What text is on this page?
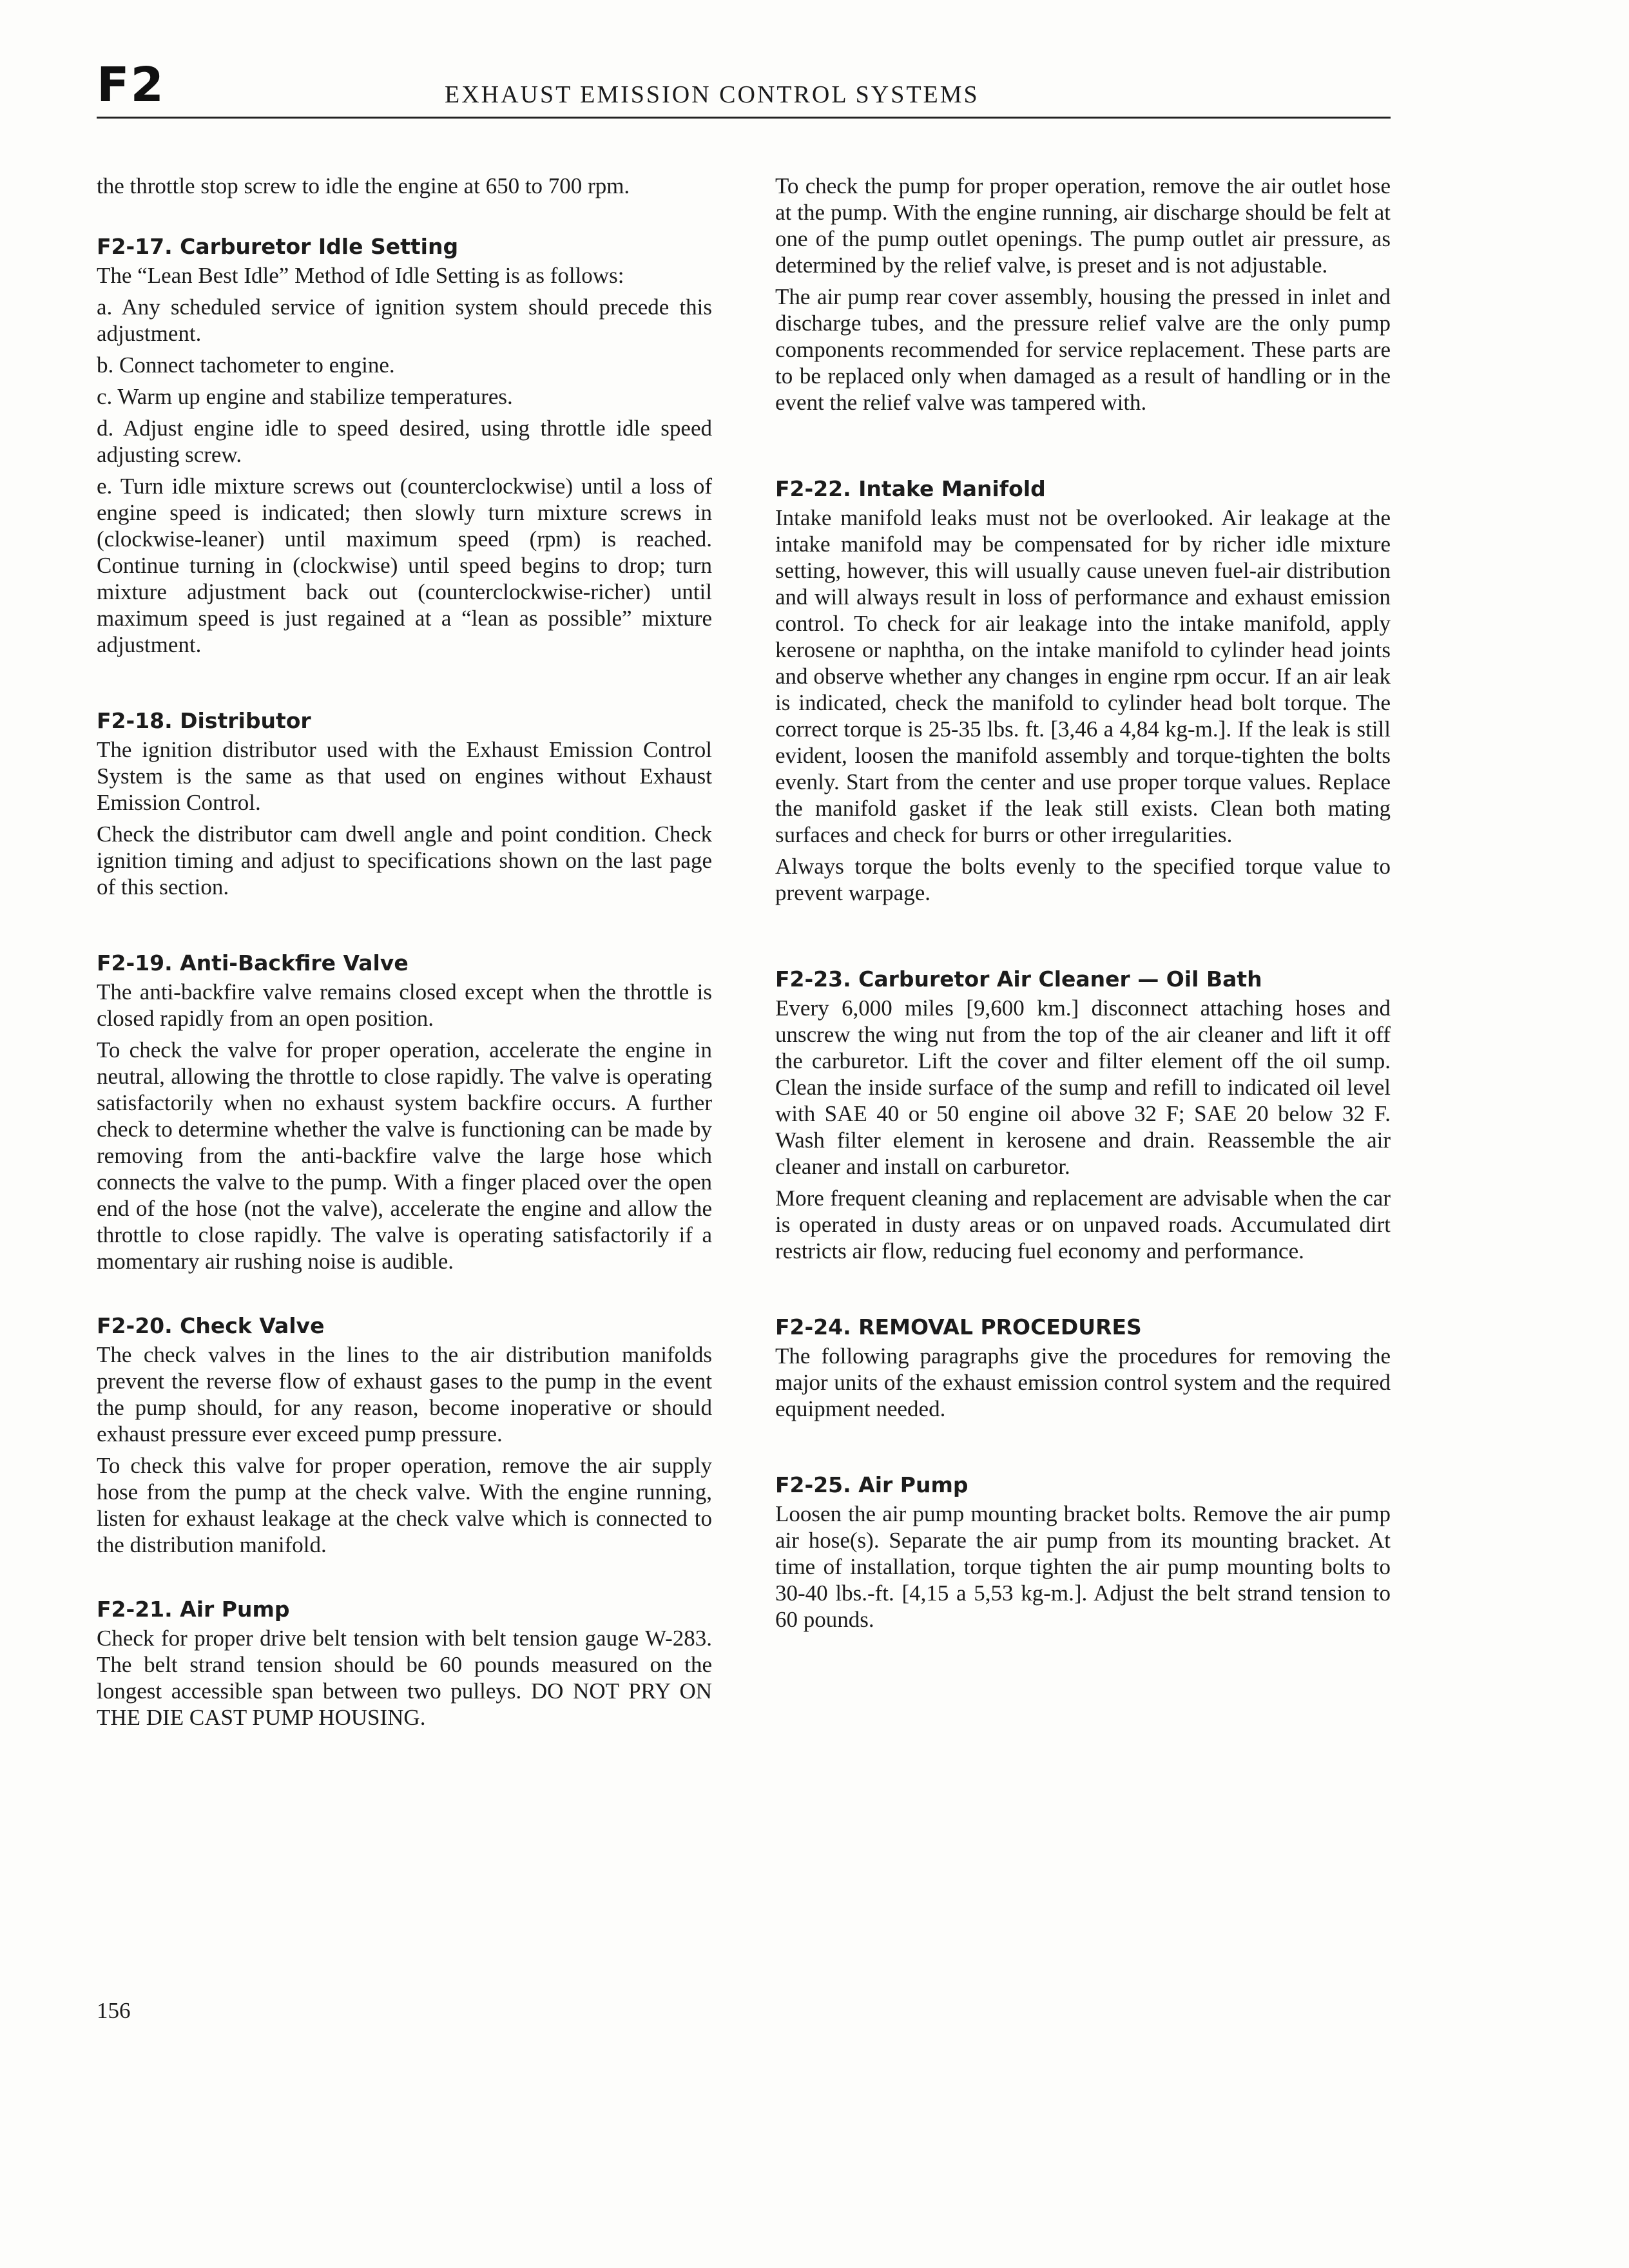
F2	EXHAUST EMISSION CONTROL SYSTEMS

the throttle stop screw to idle the engine at 650 to 700 rpm.

F2-17. Carburetor Idle Setting

The “Lean Best Idle” Method of Idle Setting is as follows:

a. Any scheduled service of ignition system should precede this adjustment.

b. Connect tachometer to engine.

c. Warm up engine and stabilize temperatures.

d. Adjust engine idle to speed desired, using throttle idle speed adjusting screw.

e. Turn idle mixture screws out (counterclockwise) until a loss of engine speed is indicated; then slowly turn mixture screws in (clockwise-leaner) until maximum speed (rpm) is reached. Continue turning in (clockwise) until speed begins to drop; turn mixture adjustment back out (counterclockwise-richer) until maximum speed is just regained at a “lean as possible” mixture adjustment.

F2-18. Distributor

The ignition distributor used with the Exhaust Emission Control System is the same as that used on engines without Exhaust Emission Control.

Check the distributor cam dwell angle and point condition. Check ignition timing and adjust to specifications shown on the last page of this section.

F2-19. Anti-Backfire Valve

The anti-backfire valve remains closed except when the throttle is closed rapidly from an open position.

To check the valve for proper operation, accelerate the engine in neutral, allowing the throttle to close rapidly. The valve is operating satisfactorily when no exhaust system backfire occurs. A further check to determine whether the valve is functioning can be made by removing from the anti-backfire valve the large hose which connects the valve to the pump. With a finger placed over the open end of the hose (not the valve), accelerate the engine and allow the throttle to close rapidly. The valve is operating satisfactorily if a momentary air rushing noise is audible.

F2-20. Check Valve

The check valves in the lines to the air distribution manifolds prevent the reverse flow of exhaust gases to the pump in the event the pump should, for any reason, become inoperative or should exhaust pressure ever exceed pump pressure.

To check this valve for proper operation, remove the air supply hose from the pump at the check valve. With the engine running, listen for exhaust leakage at the check valve which is connected to the distribution manifold.

F2-21. Air Pump

Check for proper drive belt tension with belt tension gauge W-283. The belt strand tension should be 60 pounds measured on the longest accessible span between two pulleys. DO NOT PRY ON THE DIE CAST PUMP HOUSING.

To check the pump for proper operation, remove the air outlet hose at the pump. With the engine running, air discharge should be felt at one of the pump outlet openings. The pump outlet air pressure, as determined by the relief valve, is preset and is not adjustable.

The air pump rear cover assembly, housing the pressed in inlet and discharge tubes, and the pressure relief valve are the only pump components recommended for service replacement. These parts are to be replaced only when damaged as a result of handling or in the event the relief valve was tampered with.

F2-22. Intake Manifold

Intake manifold leaks must not be overlooked. Air leakage at the intake manifold may be compensated for by richer idle mixture setting, however, this will usually cause uneven fuel-air distribution and will always result in loss of performance and exhaust emission control. To check for air leakage into the intake manifold, apply kerosene or naphtha, on the intake manifold to cylinder head joints and observe whether any changes in engine rpm occur. If an air leak is indicated, check the manifold to cylinder head bolt torque. The correct torque is 25-35 lbs. ft. [3,46 a 4,84 kg-m.]. If the leak is still evident, loosen the manifold assembly and torque-tighten the bolts evenly. Start from the center and use proper torque values. Replace the manifold gasket if the leak still exists. Clean both mating surfaces and check for burrs or other irregularities.

Always torque the bolts evenly to the specified torque value to prevent warpage.

F2-23. Carburetor Air Cleaner — Oil Bath

Every 6,000 miles [9,600 km.] disconnect attaching hoses and unscrew the wing nut from the top of the air cleaner and lift it off the carburetor. Lift the cover and filter element off the oil sump. Clean the inside surface of the sump and refill to indicated oil level with SAE 40 or 50 engine oil above 32 F; SAE 20 below 32 F. Wash filter element in kerosene and drain. Reassemble the air cleaner and install on carburetor.

More frequent cleaning and replacement are advisable when the car is operated in dusty areas or on unpaved roads. Accumulated dirt restricts air flow, reducing fuel economy and performance.

F2-24. REMOVAL PROCEDURES

The following paragraphs give the procedures for removing the major units of the exhaust emission control system and the required equipment needed.

F2-25. Air Pump

Loosen the air pump mounting bracket bolts. Remove the air pump air hose(s). Separate the air pump from its mounting bracket. At time of installation, torque tighten the air pump mounting bolts to 30-40 lbs.-ft. [4,15 a 5,53 kg-m.]. Adjust the belt strand tension to 60 pounds.

156
